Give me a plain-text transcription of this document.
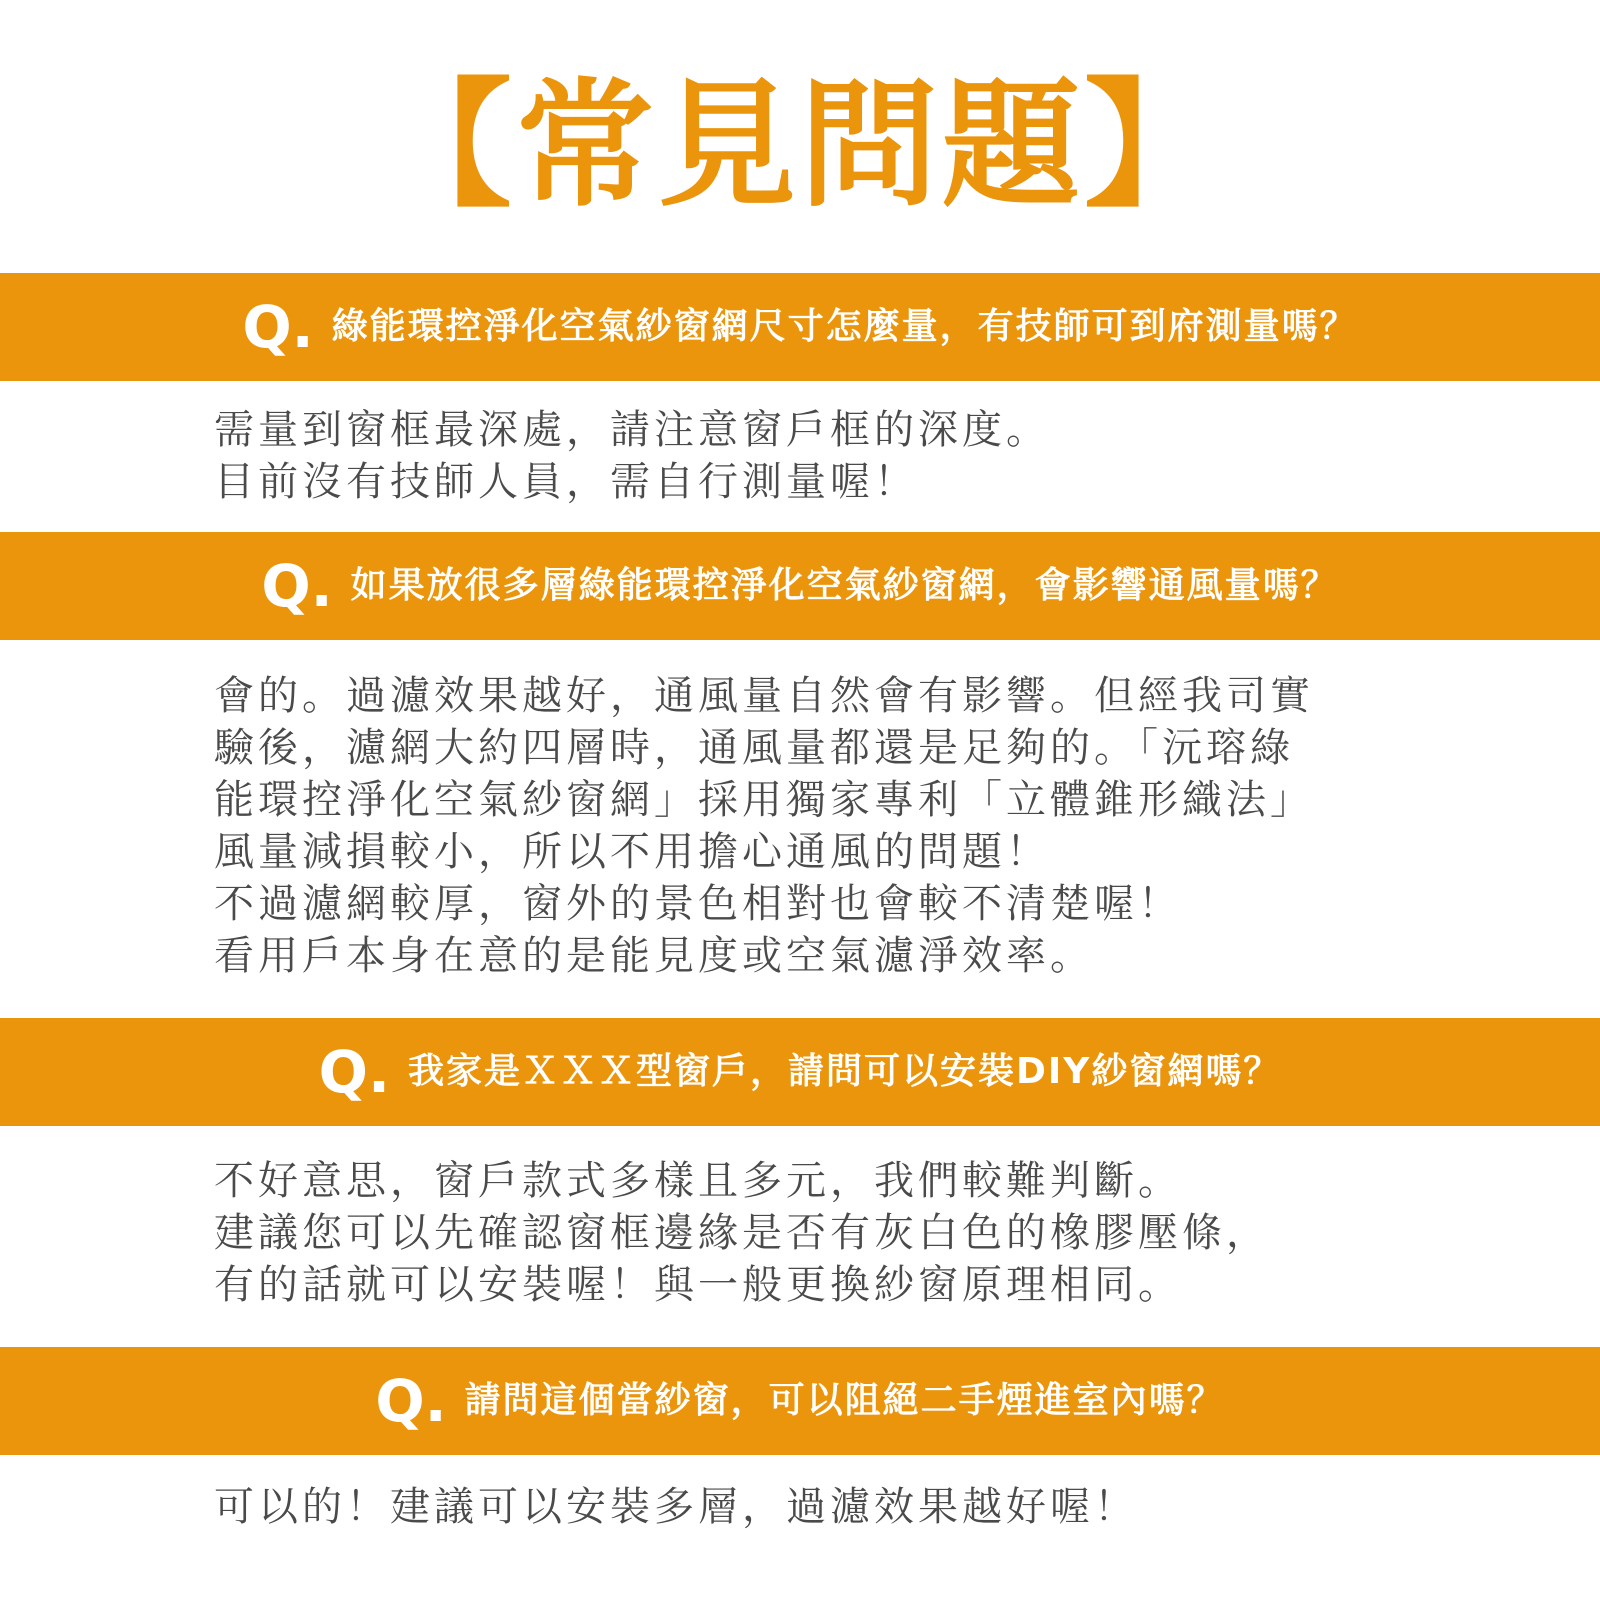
【常見問題】
Q. 綠能環控淨化空氣紗窗網尺寸怎麼量，有技師可到府測量嗎？
需量到窗框最深處，請注意窗戶框的深度。
目前沒有技師人員，需自行測量喔！
Q. 如果放很多層綠能環控淨化空氣紗窗網，會影響通風量嗎？
會的。過濾效果越好，通風量自然會有影響。但經我司實
驗後，濾網大約四層時，通風量都還是足夠的。「沅瑢綠
能環控淨化空氣紗窗網」採用獨家專利「立體錐形織法」
風量減損較小，所以不用擔心通風的問題！
不過濾網較厚，窗外的景色相對也會較不清楚喔！
看用戶本身在意的是能見度或空氣濾淨效率。
Q. 我家是ＸＸＸ型窗戶，請問可以安裝DIY紗窗網嗎？
不好意思，窗戶款式多樣且多元，我們較難判斷。
建議您可以先確認窗框邊緣是否有灰白色的橡膠壓條，
有的話就可以安裝喔！與一般更換紗窗原理相同。
Q. 請問這個當紗窗，可以阻絕二手煙進室內嗎？
可以的！建議可以安裝多層，過濾效果越好喔！
